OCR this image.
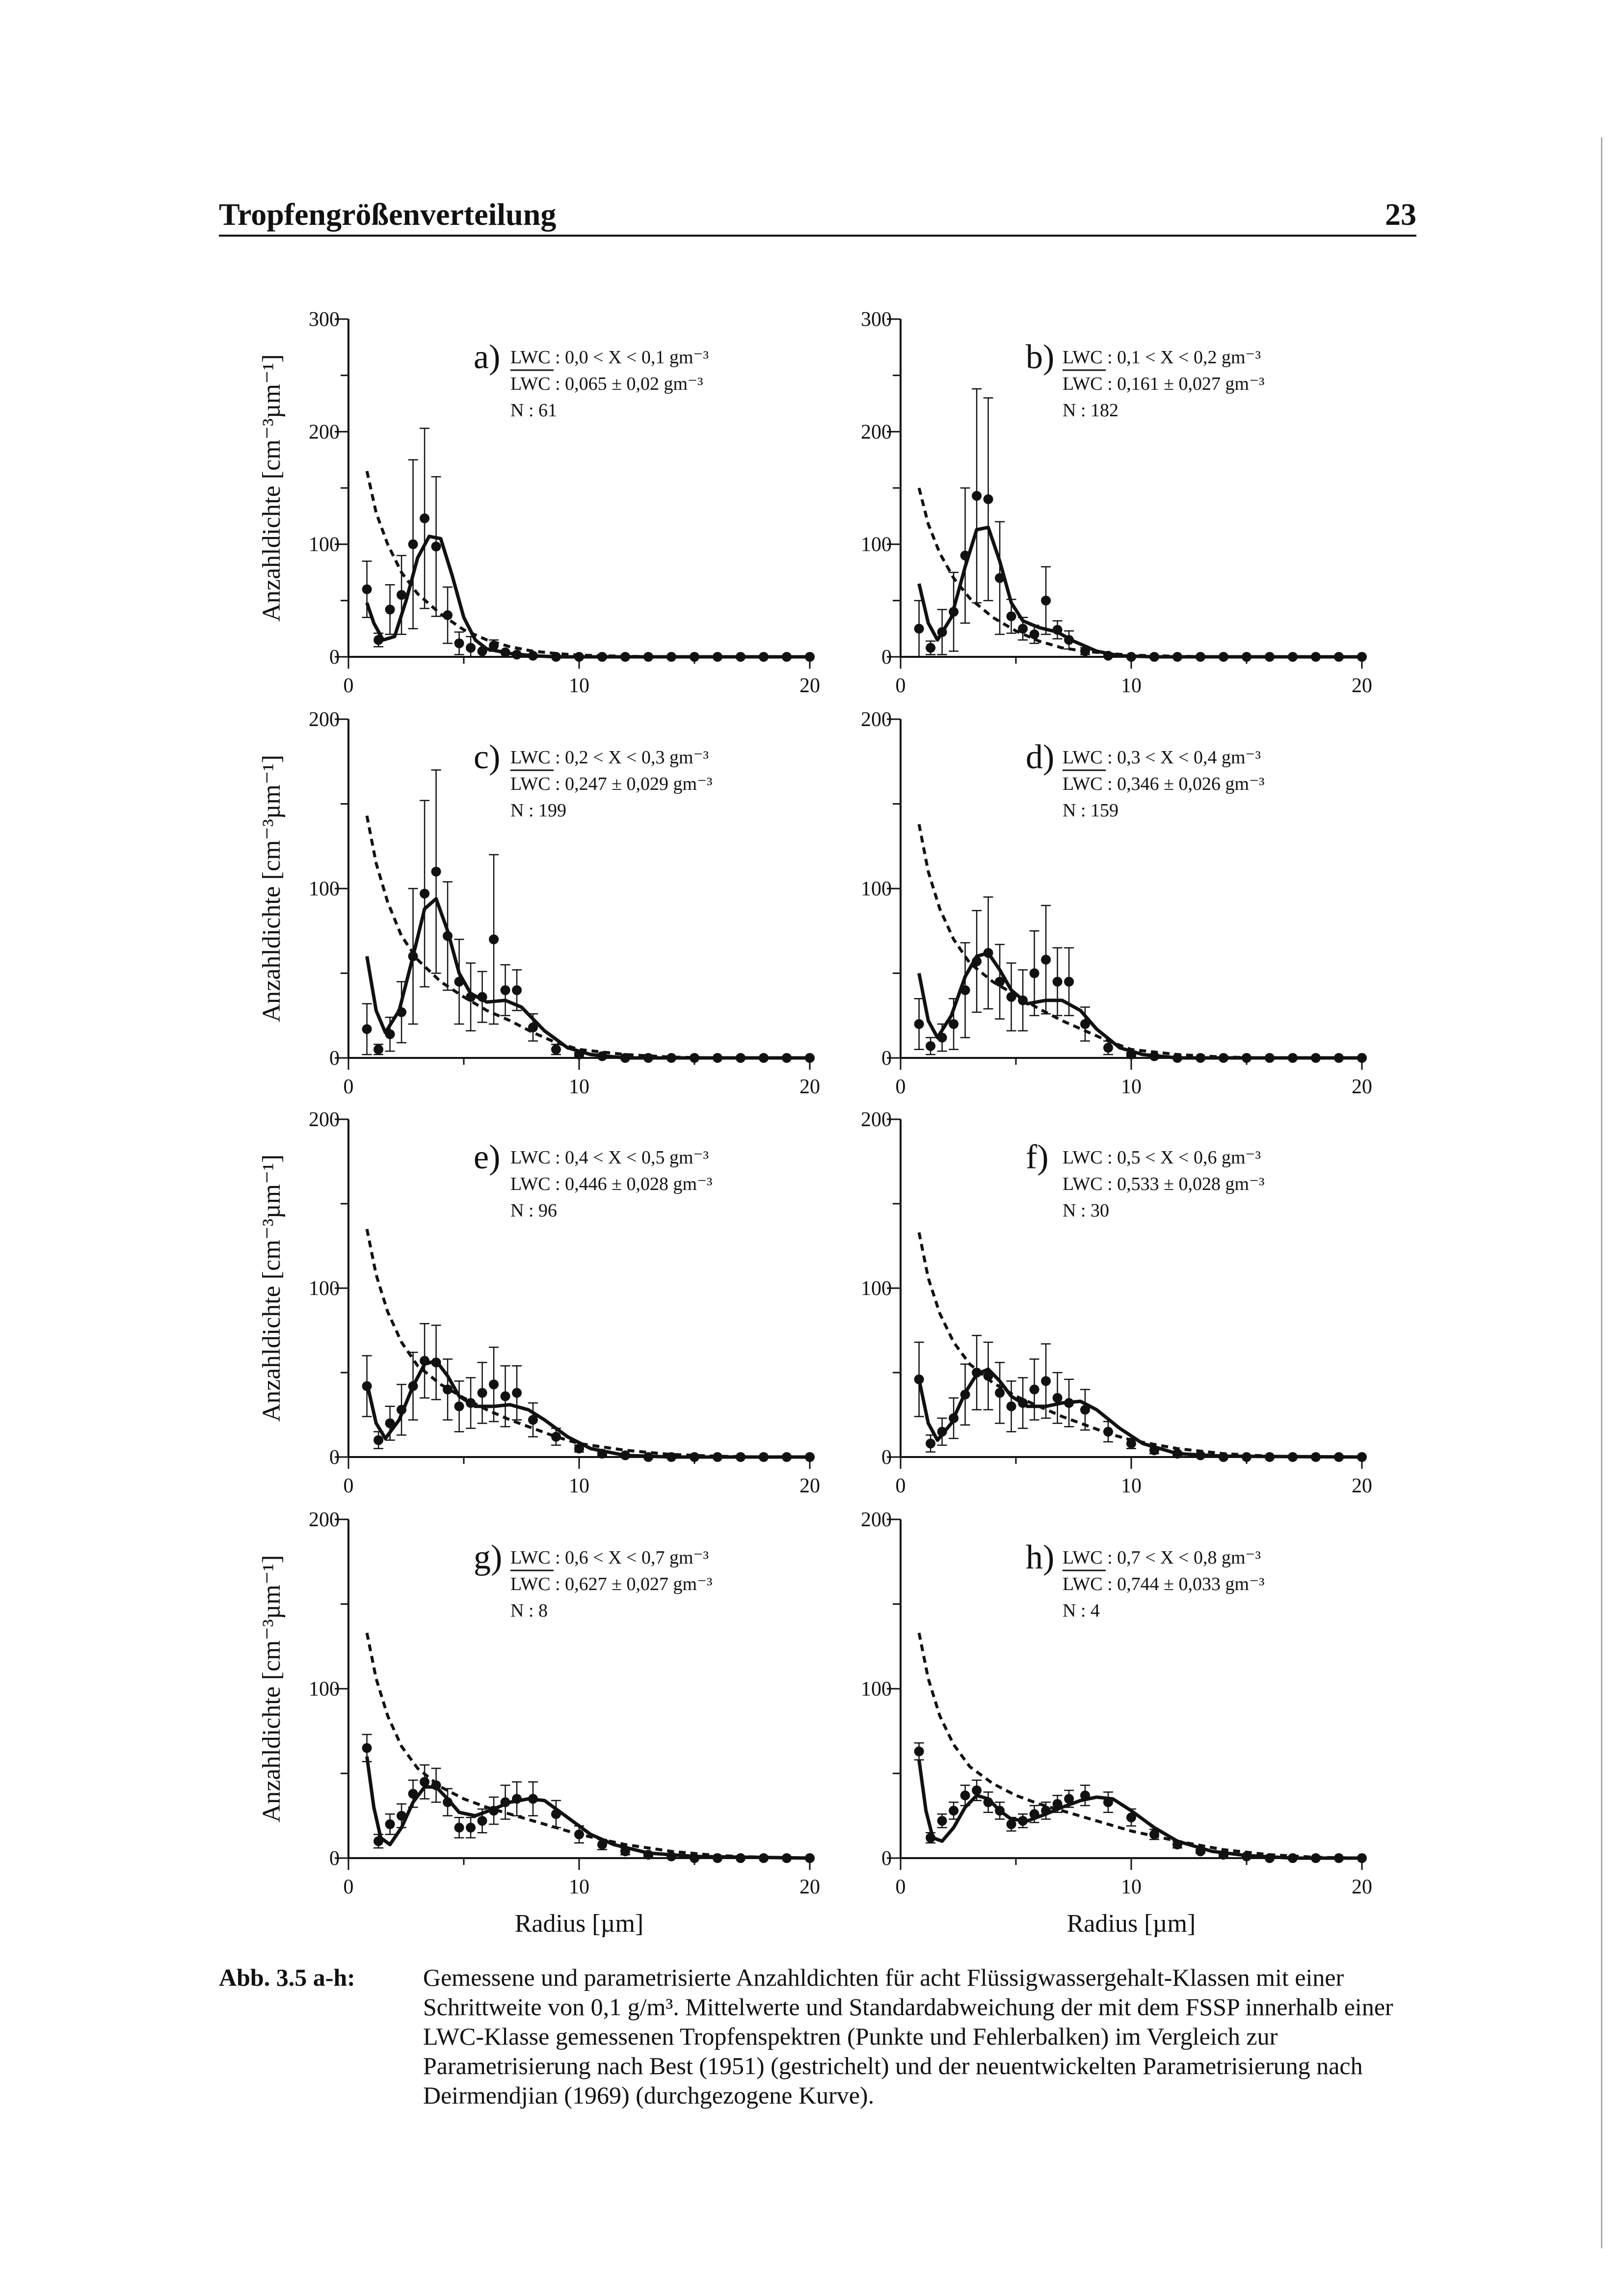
Tropfengrößenverteilung	23
0
100
200
300
0	10	20
a) LWC : 0,0 < X < 0,1 gm⁻³
LWC : 0,065 ± 0,02 gm⁻³
N : 61
Anzahldichte [cm⁻³µm⁻¹]
0
100
200
300
0	10	20
b) LWC : 0,1 < X < 0,2 gm⁻³
LWC : 0,161 ± 0,027 gm⁻³
N : 182
0
100
200
0	10	20
c) LWC : 0,2 < X < 0,3 gm⁻³
LWC : 0,247 ± 0,029 gm⁻³
N : 199
Anzahldichte [cm⁻³µm⁻¹]
0
100
200
0	10	20
d) LWC : 0,3 < X < 0,4 gm⁻³
LWC : 0,346 ± 0,026 gm⁻³
N : 159
0
100
200
0	10	20
e) LWC : 0,4 < X < 0,5 gm⁻³
LWC : 0,446 ± 0,028 gm⁻³
N : 96
Anzahldichte [cm⁻³µm⁻¹]
0
100
200
0	10	20
f) LWC : 0,5 < X < 0,6 gm⁻³
LWC : 0,533 ± 0,028 gm⁻³
N : 30
0
100
200
0	10	20
g) LWC : 0,6 < X < 0,7 gm⁻³
LWC : 0,627 ± 0,027 gm⁻³
N : 8
Anzahldichte [cm⁻³µm⁻¹]
Radius [µm]
0
100
200
0	10	20
h) LWC : 0,7 < X < 0,8 gm⁻³
LWC : 0,744 ± 0,033 gm⁻³
N : 4
Radius [µm]
Abb. 3.5 a-h:	Gemessene und parametrisierte Anzahldichten für acht Flüssigwassergehalt-Klassen mit einer Schrittweite von 0,1 g/m³. Mittelwerte und Standardabweichung der mit dem FSSP innerhalb einer LWC-Klasse gemessenen Tropfenspektren (Punkte und Fehlerbalken) im Vergleich zur Parametrisierung nach Best (1951) (gestrichelt) und der neuentwickelten Parametrisierung nach Deirmendjian (1969) (durchgezogene Kurve).
